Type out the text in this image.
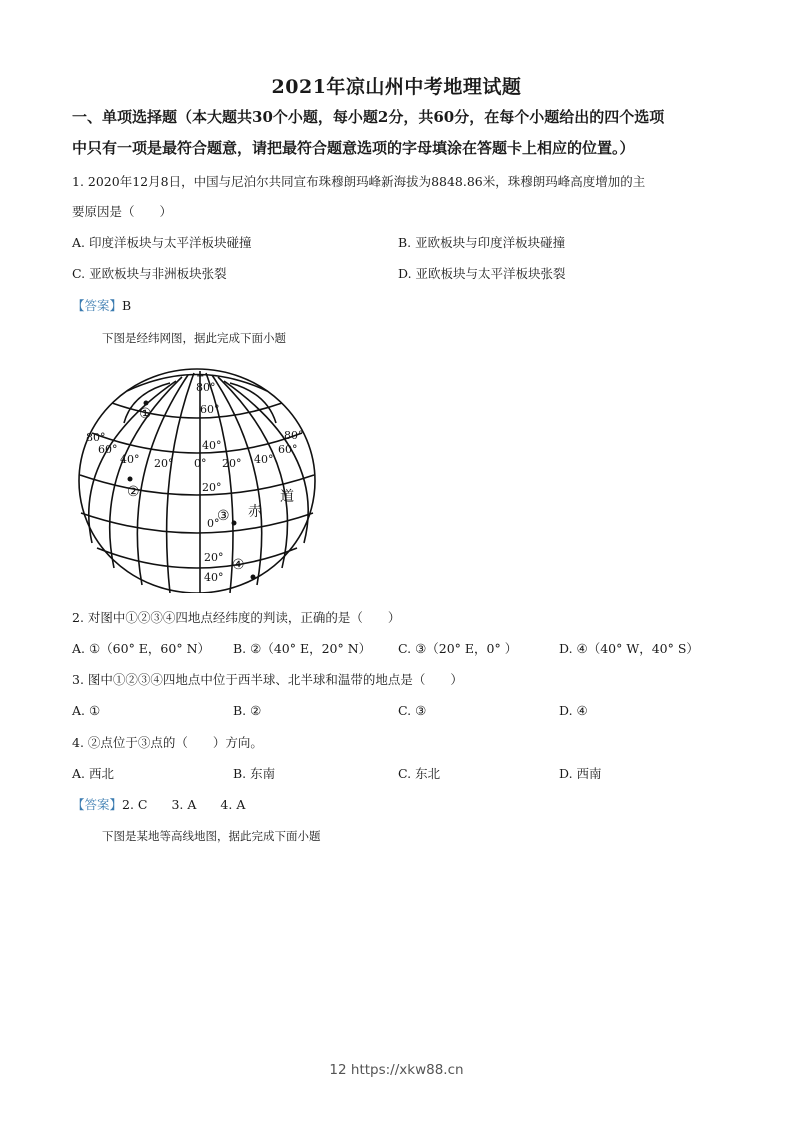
2021年凉山州中考地理试题
一、单项选择题（本大题共30个小题，每小题2分，共60分，在每个小题给出的四个选项
中只有一项是最符合题意，请把最符合题意选项的字母填涂在答题卡上相应的位置。）
1. 2020年12月8日，中国与尼泊尔共同宣布珠穆朗玛峰新海拔为8848.86米，珠穆朗玛峰高度增加的主
要原因是（　　）
A. 印度洋板块与太平洋板块碰撞	B. 亚欧板块与印度洋板块碰撞
C. 亚欧板块与非洲板块张裂	D. 亚欧板块与太平洋板块张裂
【答案】B
下图是经纬网图，据此完成下面小题
80°
60°
40°
20°
0°
20°
40°
80°
60°
40° 20° 0° 20° 40°
60°
80°
+
①
②
③
④
赤
道
2. 对图中①②③④四地点经纬度的判读，正确的是（　　）
A. ①（60° E，60° N） B. ②（40° E，20° N） C. ③（20° E，0° ）	D. ④（40° W，40° S）
3. 图中①②③④四地点中位于西半球、北半球和温带的地点是（　　）
A. ①	B. ②	C. ③	D. ④
4. ②点位于③点的（　　）方向。
A. 西北	B. 东南	C. 东北	D. 西南
【答案】2. C 3. A 4. A
下图是某地等高线地图，据此完成下面小题
12 https://xkw88.cn
